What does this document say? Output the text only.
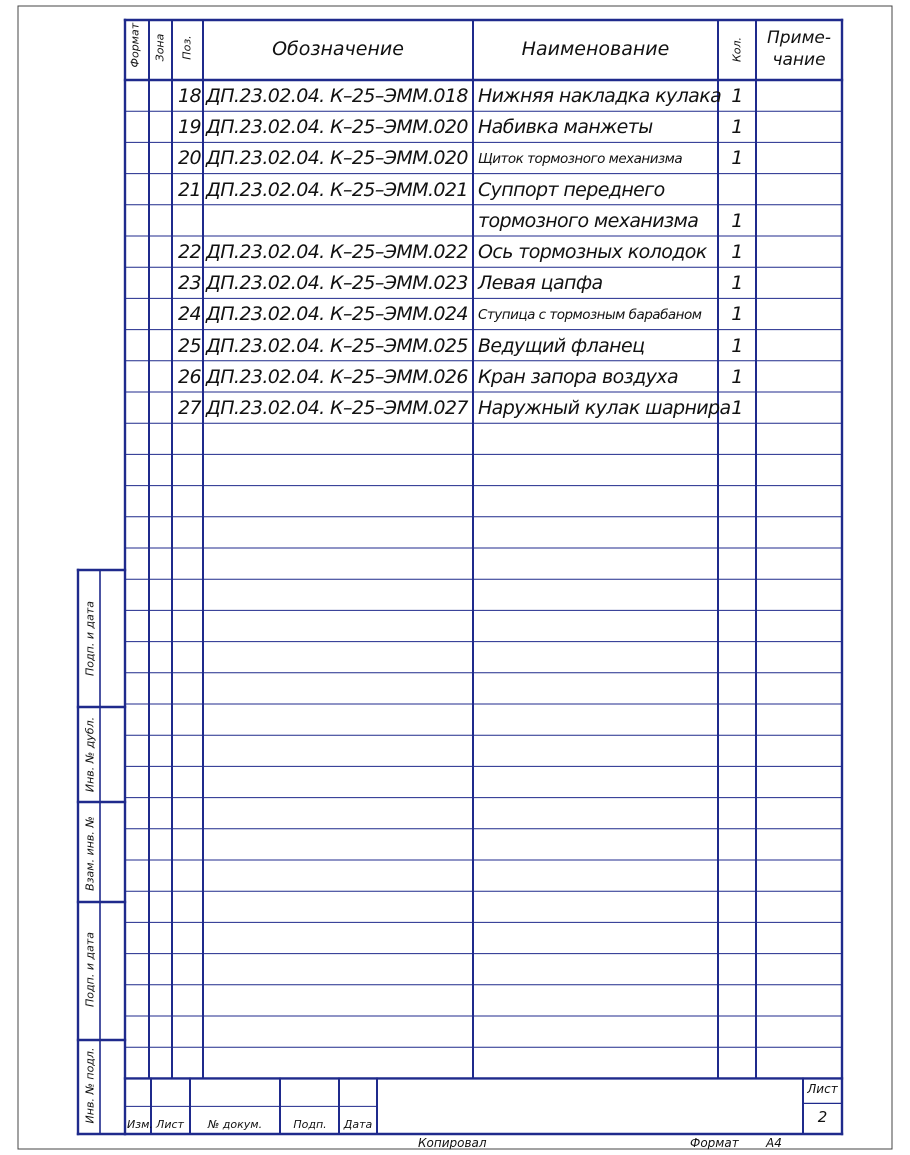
Формат Зона Поз.	Обозначение	Наименование	Кол.	Приме-
чание
18 ДП.23.02.04. К–25–ЭММ.018 Нижняя накладка кулака 1
19 ДП.23.02.04. К–25–ЭММ.020 Набивка манжеты	1
20 ДП.23.02.04. К–25–ЭММ.020 Щиток тормозного механизма	1
21 ДП.23.02.04. К–25–ЭММ.021 Суппорт переднего
тормозного механизма	1
22 ДП.23.02.04. К–25–ЭММ.022 Ось тормозных колодок	1
23 ДП.23.02.04. К–25–ЭММ.023 Левая цапфа	1
24 ДП.23.02.04. К–25–ЭММ.024 Ступица с тормозным барабаном	1
25 ДП.23.02.04. К–25–ЭММ.025 Ведущий фланец	1
26 ДП.23.02.04. К–25–ЭММ.026 Кран запора воздуха	1
27 ДП.23.02.04. К–25–ЭММ.027 Наружный кулак шарнира 1
Подп. и дата
Инв. № дубл.
Взам. инв. №
Подп. и дата
Инв. № подл.
Изм. Лист	№ докум.	Подп.	Дата
Лист
2
Копировал	Формат А4
